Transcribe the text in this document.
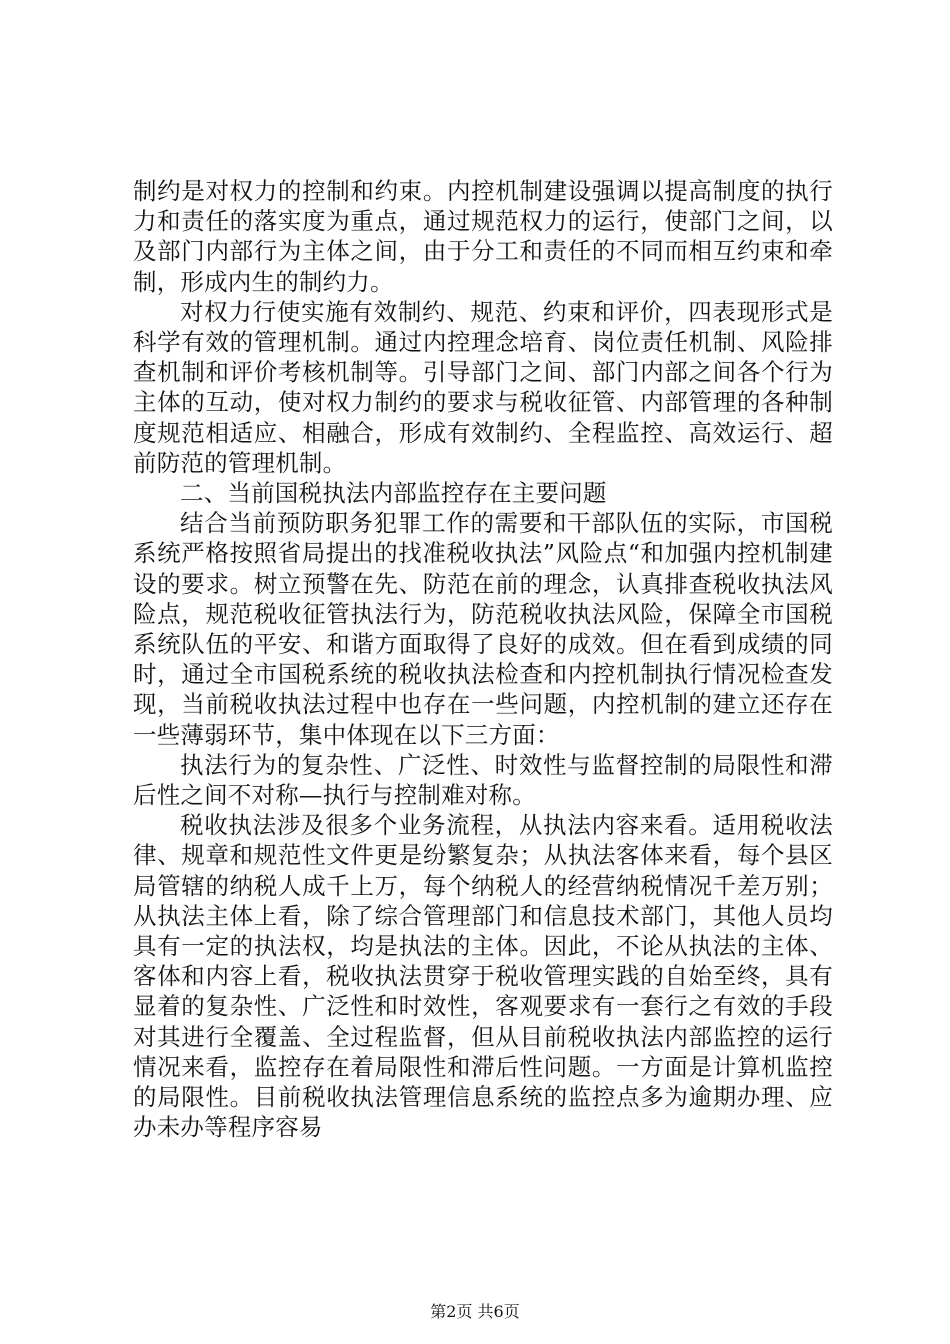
制约是对权力的控制和约束。内控机制建设强调以提高制度的执行力和责任的落实度为重点，通过规范权力的运行，使部门之间，以及部门内部行为主体之间，由于分工和责任的不同而相互约束和牵制，形成内生的制约力。

对权力行使实施有效制约、规范、约束和评价，四表现形式是科学有效的管理机制。通过内控理念培育、岗位责任机制、风险排查机制和评价考核机制等。引导部门之间、部门内部之间各个行为主体的互动，使对权力制约的要求与税收征管、内部管理的各种制度规范相适应、相融合，形成有效制约、全程监控、高效运行、超前防范的管理机制。

二、当前国税执法内部监控存在主要问题

结合当前预防职务犯罪工作的需要和干部队伍的实际，市国税系统严格按照省局提出的找准税收执法”风险点“和加强内控机制建设的要求。树立预警在先、防范在前的理念，认真排查税收执法风险点，规范税收征管执法行为，防范税收执法风险，保障全市国税系统队伍的平安、和谐方面取得了良好的成效。但在看到成绩的同时，通过全市国税系统的税收执法检查和内控机制执行情况检查发现，当前税收执法过程中也存在一些问题，内控机制的建立还存在一些薄弱环节，集中体现在以下三方面：

执法行为的复杂性、广泛性、时效性与监督控制的局限性和滞后性之间不对称—执行与控制难对称。

税收执法涉及很多个业务流程，从执法内容来看。适用税收法律、规章和规范性文件更是纷繁复杂；从执法客体来看，每个县区局管辖的纳税人成千上万，每个纳税人的经营纳税情况千差万别；从执法主体上看，除了综合管理部门和信息技术部门，其他人员均具有一定的执法权，均是执法的主体。因此，不论从执法的主体、客体和内容上看，税收执法贯穿于税收管理实践的自始至终，具有显着的复杂性、广泛性和时效性，客观要求有一套行之有效的手段对其进行全覆盖、全过程监督，但从目前税收执法内部监控的运行情况来看，监控存在着局限性和滞后性问题。一方面是计算机监控的局限性。目前税收执法管理信息系统的监控点多为逾期办理、应办未办等程序容易

第2页 共6页
